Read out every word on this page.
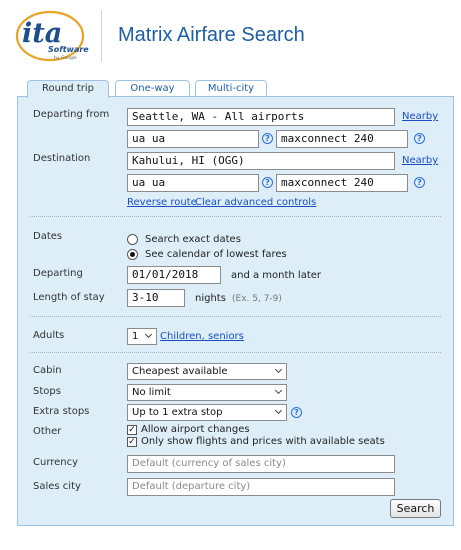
ita
Software
by Google
Matrix Airfare Search
Round trip	One-way	Multi-city
Departing from	Seattle, WA - All airports	Nearby
ua ua	?	maxconnect 240	?
Destination	Kahului, HI (OGG)	Nearby
ua ua	?	maxconnect 240	?
Reverse route
Clear advanced controls
Dates	Search exact dates
See calendar of lowest fares
Departing	01/01/2018	and a month later
Length of stay	3-10	nights (Ex. 5, 7-9)
Adults	1	Children, seniors
Cabin	Cheapest available
Stops	No limit
Extra stops	Up to 1 extra stop	?
Other	✓ Allow airport changes
✓ Only show flights and prices with available seats
Currency	Default (currency of sales city)
Sales city	Default (departure city)
Search
